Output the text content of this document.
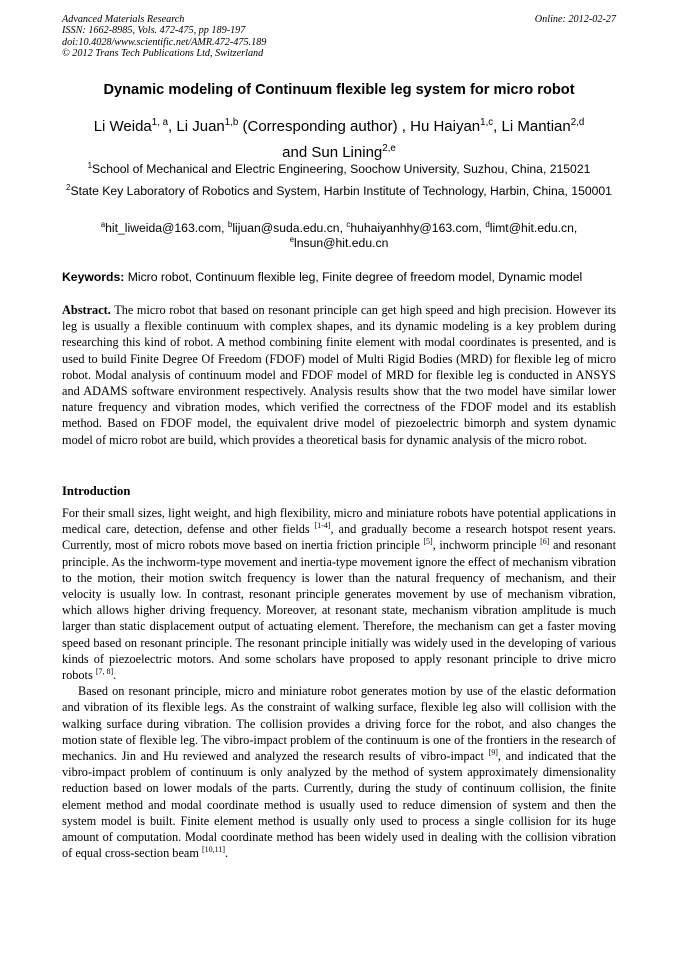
Advanced Materials Research
ISSN: 1662-8985, Vols. 472-475, pp 189-197
doi:10.4028/www.scientific.net/AMR.472-475.189
© 2012 Trans Tech Publications Ltd, Switzerland
Online: 2012-02-27
Dynamic modeling of Continuum flexible leg system for micro robot
Li Weida$^{1, a}$, Li Juan$^{1,b}$ (Corresponding author) , Hu Haiyan$^{1,c}$, Li Mantian$^{2,d}$
and Sun Lining$^{2,e}$
$^1$School of Mechanical and Electric Engineering, Soochow University, Suzhou, China, 215021
$^2$State Key Laboratory of Robotics and System, Harbin Institute of Technology, Harbin, China, 150001
$^a$hit_liweida@163.com, $^b$lijuan@suda.edu.cn, $^c$huhaiyanhhy@163.com, $^d$limt@hit.edu.cn,
$^e$lnsun@hit.edu.cn
Keywords: Micro robot, Continuum flexible leg, Finite degree of freedom model, Dynamic model

Abstract. The micro robot that based on resonant principle can get high speed and high precision. However its leg is usually a flexible continuum with complex shapes, and its dynamic modeling is a key problem during researching this kind of robot. A method combining finite element with modal coordinates is presented, and is used to build Finite Degree Of Freedom (FDOF) model of Multi Rigid Bodies (MRD) for flexible leg of micro robot. Modal analysis of continuum model and FDOF model of MRD for flexible leg is conducted in ANSYS and ADAMS software environment respectively. Analysis results show that the two model have similar lower nature frequency and vibration modes, which verified the correctness of the FDOF model and its establish method. Based on FDOF model, the equivalent drive model of piezoelectric bimorph and system dynamic model of micro robot are build, which provides a theoretical basis for dynamic analysis of the micro robot.

Introduction

For their small sizes, light weight, and high flexibility, micro and miniature robots have potential applications in medical care, detection, defense and other fields [1-4], and gradually become a research hotspot resent years. Currently, most of micro robots move based on inertia friction principle [5], inchworm principle [6] and resonant principle. As the inchworm-type movement and inertia-type movement ignore the effect of mechanism vibration to the motion, their motion switch frequency is lower than the natural frequency of mechanism, and their velocity is usually low. In contrast, resonant principle generates movement by use of mechanism vibration, which allows higher driving frequency. Moreover, at resonant state, mechanism vibration amplitude is much larger than static displacement output of actuating element. Therefore, the mechanism can get a faster moving speed based on resonant principle. The resonant principle initially was widely used in the developing of various kinds of piezoelectric motors. And some scholars have proposed to apply resonant principle to drive micro robots [7, 8].

Based on resonant principle, micro and miniature robot generates motion by use of the elastic deformation and vibration of its flexible legs. As the constraint of walking surface, flexible leg also will collision with the walking surface during vibration. The collision provides a driving force for the robot, and also changes the motion state of flexible leg. The vibro-impact problem of the continuum is one of the frontiers in the research of mechanics. Jin and Hu reviewed and analyzed the research results of vibro-impact [9], and indicated that the vibro-impact problem of continuum is only analyzed by the method of system approximately dimensionality reduction based on lower modals of the parts. Currently, during the study of continuum collision, the finite element method and modal coordinate method is usually used to reduce dimension of system and then the system model is built. Finite element method is usually only used to process a single collision for its huge amount of computation. Modal coordinate method has been widely used in dealing with the collision vibration of equal cross-section beam [10,11].
